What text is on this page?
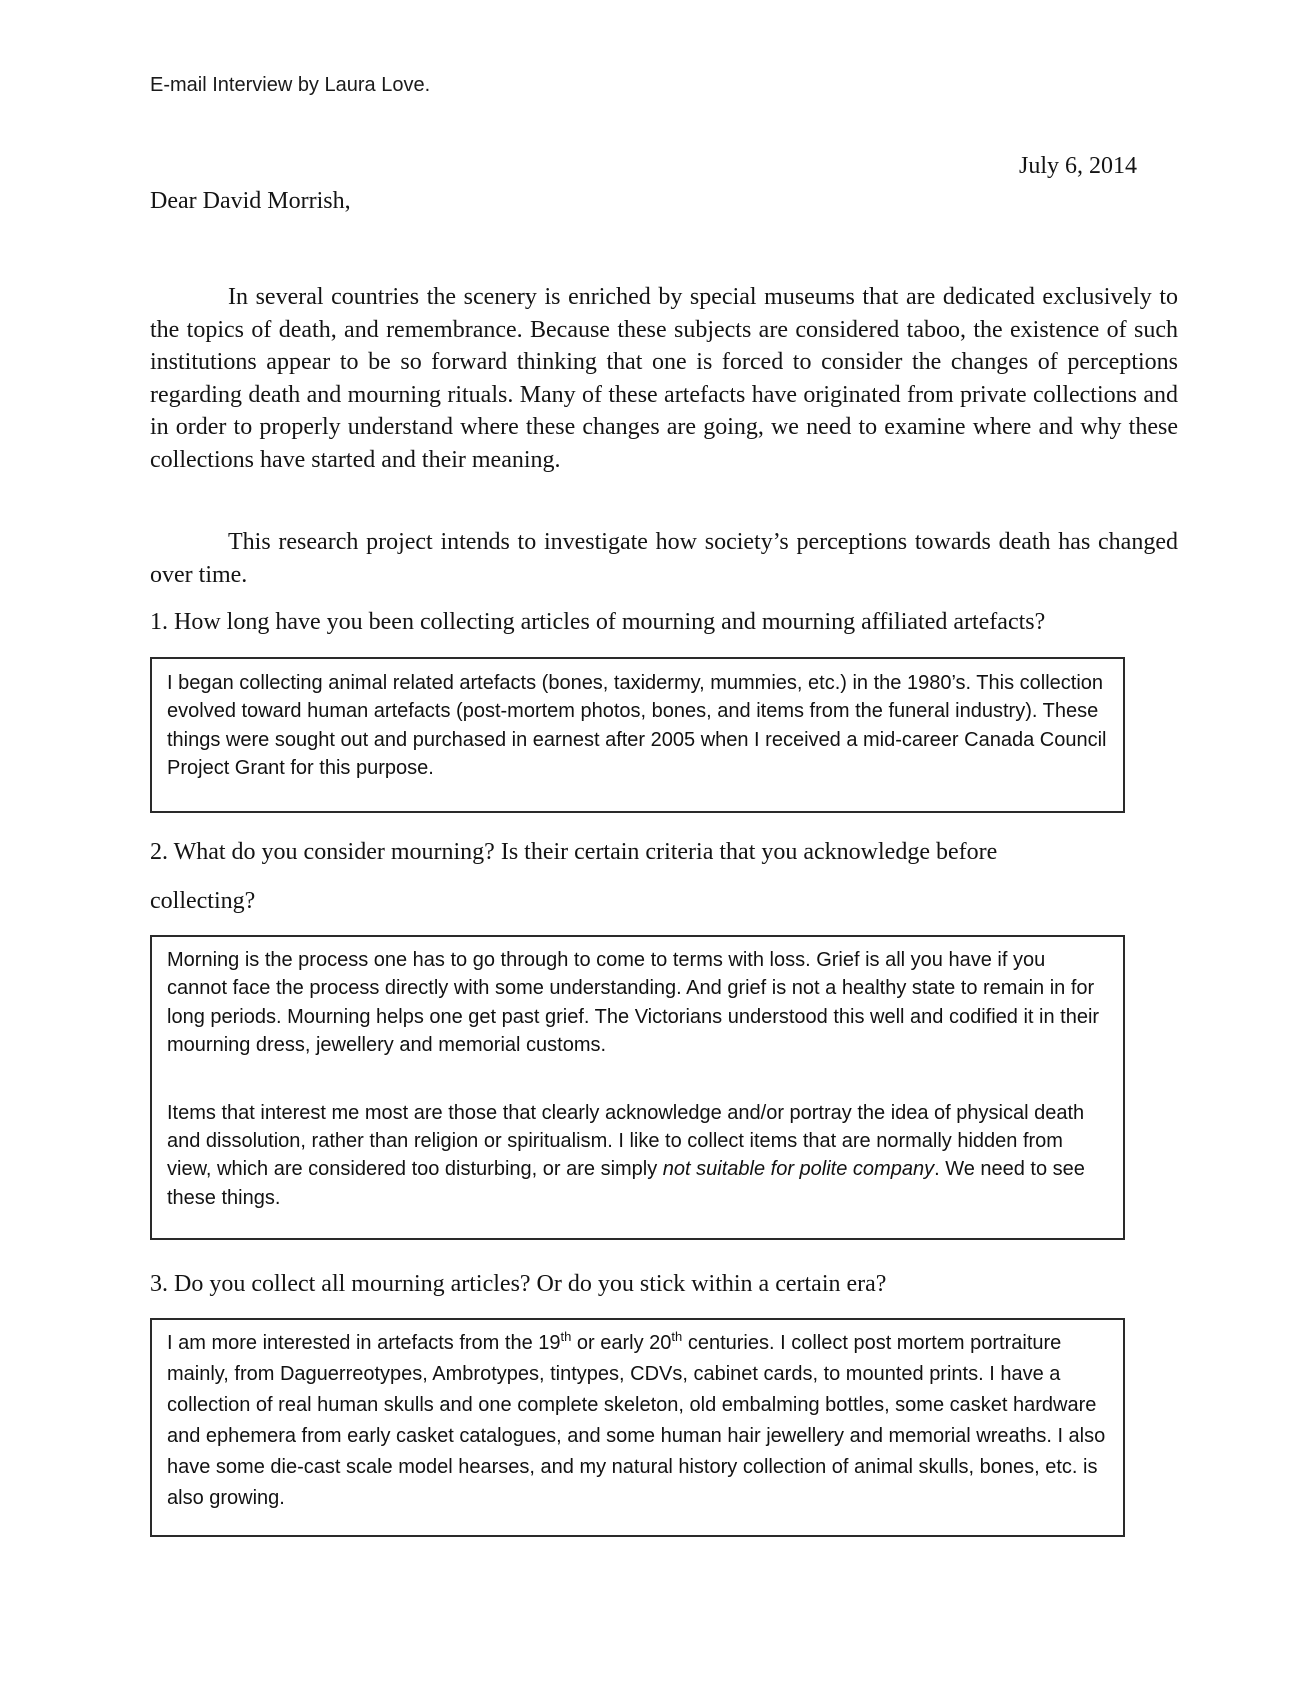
E-mail Interview by Laura Love.
July 6, 2014
Dear David Morrish,
In several countries the scenery is enriched by special museums that are dedicated exclusively to the topics of death, and remembrance. Because these subjects are considered taboo, the existence of such institutions appear to be so forward thinking that one is forced to consider the changes of perceptions regarding death and mourning rituals. Many of these artefacts have originated from private collections and in order to properly understand where these changes are going, we need to examine where and why these collections have started and their meaning.
This research project intends to investigate how society’s perceptions towards death has changed over time.
1. How long have you been collecting articles of mourning and mourning affiliated artefacts?

I began collecting animal related artefacts (bones, taxidermy, mummies, etc.) in the 1980’s. This collection evolved toward human artefacts (post-mortem photos, bones, and items from the funeral industry). These things were sought out and purchased in earnest after 2005 when I received a mid-career Canada Council Project Grant for this purpose.

2. What do you consider mourning? Is their certain criteria that you acknowledge before
collecting?

Morning is the process one has to go through to come to terms with loss. Grief is all you have if you cannot face the process directly with some understanding. And grief is not a healthy state to remain in for long periods. Mourning helps one get past grief. The Victorians understood this well and codified it in their mourning dress, jewellery and memorial customs.

Items that interest me most are those that clearly acknowledge and/or portray the idea of physical death and dissolution, rather than religion or spiritualism. I like to collect items that are normally hidden from view, which are considered too disturbing, or are simply not suitable for polite company. We need to see these things.

3. Do you collect all mourning articles? Or do you stick within a certain era?

I am more interested in artefacts from the 19th or early 20th centuries. I collect post mortem portraiture mainly, from Daguerreotypes, Ambrotypes, tintypes, CDVs, cabinet cards, to mounted prints. I have a collection of real human skulls and one complete skeleton, old embalming bottles, some casket hardware and ephemera from early casket catalogues, and some human hair jewellery and memorial wreaths. I also have some die-cast scale model hearses, and my natural history collection of animal skulls, bones, etc. is also growing.
